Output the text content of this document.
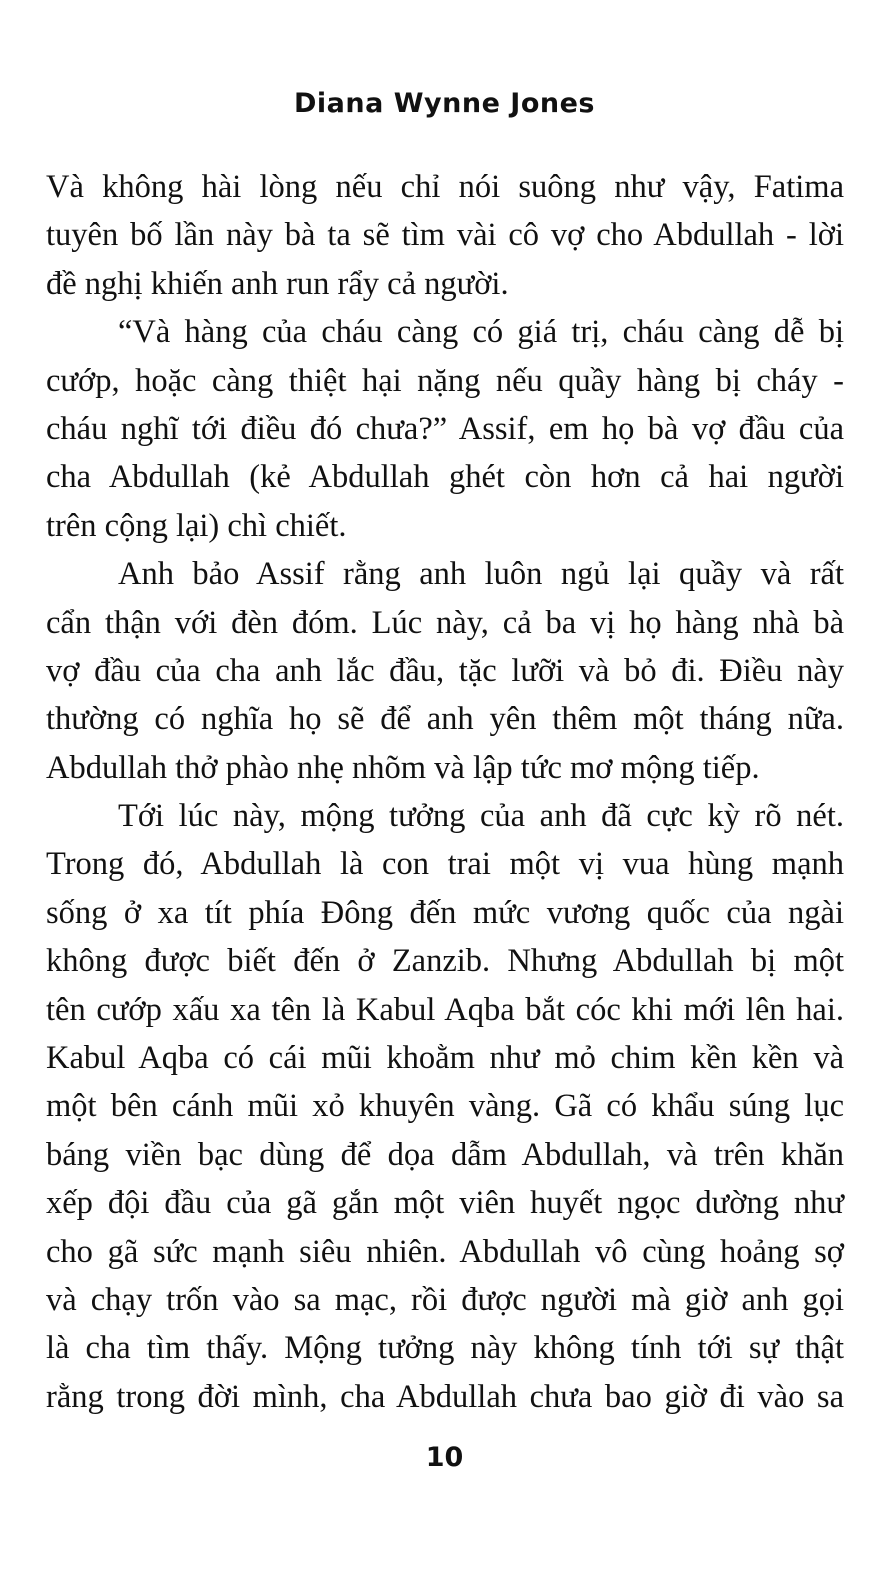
Diana Wynne Jones
Và không hài lòng nếu chỉ nói suông như vậy, Fatima
tuyên bố lần này bà ta sẽ tìm vài cô vợ cho Abdullah - lời
đề nghị khiến anh run rẩy cả người.
“Và hàng của cháu càng có giá trị, cháu càng dễ bị
cướp, hoặc càng thiệt hại nặng nếu quầy hàng bị cháy -
cháu nghĩ tới điều đó chưa?” Assif, em họ bà vợ đầu của
cha Abdullah (kẻ Abdullah ghét còn hơn cả hai người
trên cộng lại) chì chiết.
Anh bảo Assif rằng anh luôn ngủ lại quầy và rất
cẩn thận với đèn đóm. Lúc này, cả ba vị họ hàng nhà bà
vợ đầu của cha anh lắc đầu, tặc lưỡi và bỏ đi. Điều này
thường có nghĩa họ sẽ để anh yên thêm một tháng nữa.
Abdullah thở phào nhẹ nhõm và lập tức mơ mộng tiếp.
Tới lúc này, mộng tưởng của anh đã cực kỳ rõ nét.
Trong đó, Abdullah là con trai một vị vua hùng mạnh
sống ở xa tít phía Đông đến mức vương quốc của ngài
không được biết đến ở Zanzib. Nhưng Abdullah bị một
tên cướp xấu xa tên là Kabul Aqba bắt cóc khi mới lên hai.
Kabul Aqba có cái mũi khoằm như mỏ chim kền kền và
một bên cánh mũi xỏ khuyên vàng. Gã có khẩu súng lục
báng viền bạc dùng để dọa dẫm Abdullah, và trên khăn
xếp đội đầu của gã gắn một viên huyết ngọc dường như
cho gã sức mạnh siêu nhiên. Abdullah vô cùng hoảng sợ
và chạy trốn vào sa mạc, rồi được người mà giờ anh gọi
là cha tìm thấy. Mộng tưởng này không tính tới sự thật
rằng trong đời mình, cha Abdullah chưa bao giờ đi vào sa
10
